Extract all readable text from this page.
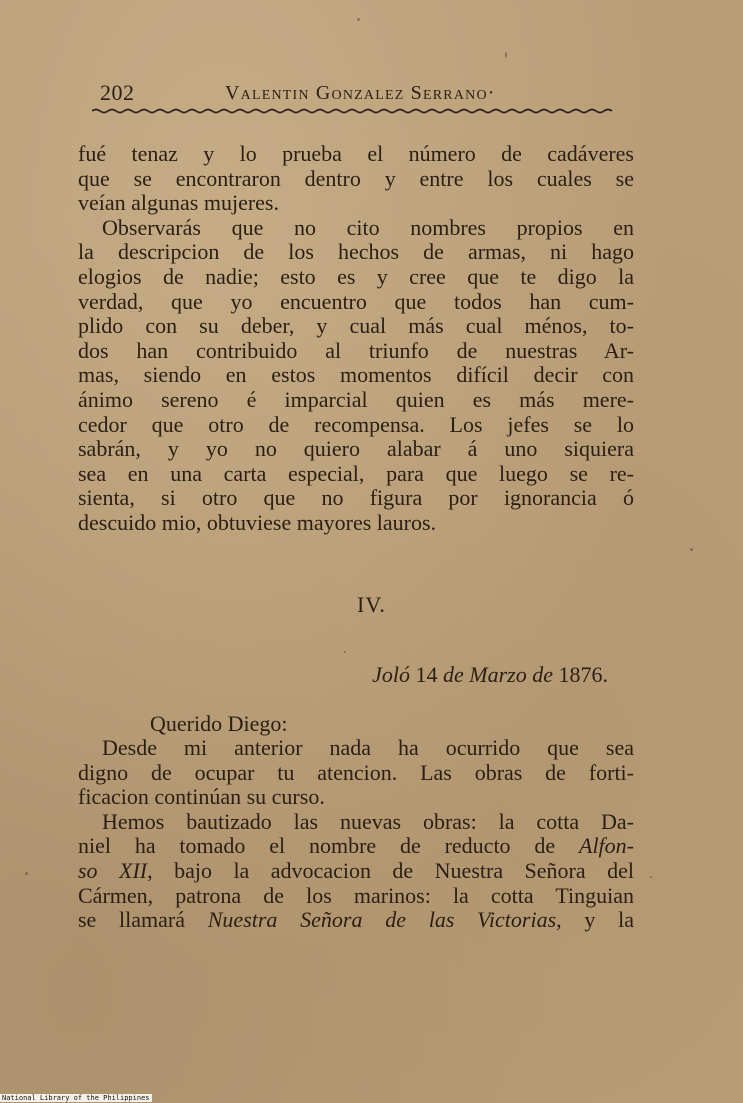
202	Valentin Gonzalez Serrano·
fué tenaz y lo prueba el número de cadáveres
que se encontraron dentro y entre los cuales se
veían algunas mujeres.
Observarás que no cito nombres propios en
la descripcion de los hechos de armas, ni hago
elogios de nadie; esto es y cree que te digo la
verdad, que yo encuentro que todos han cum-
plido con su deber, y cual más cual ménos, to-
dos han contribuido al triunfo de nuestras Ar-
mas, siendo en estos momentos difícil decir con
ánimo sereno é imparcial quien es más mere-
cedor que otro de recompensa. Los jefes se lo
sabrán, y yo no quiero alabar á uno siquiera
sea en una carta especial, para que luego se re-
sienta, si otro que no figura por ignorancia ó
descuido mio, obtuviese mayores lauros.
IV.
Joló 14 de Marzo de 1876.
Querido Diego:
Desde mi anterior nada ha ocurrido que sea
digno de ocupar tu atencion. Las obras de forti-
ficacion continúan su curso.
Hemos bautizado las nuevas obras: la cotta Da-
niel ha tomado el nombre de reducto de Alfon-
so XII, bajo la advocacion de Nuestra Señora del
Cármen, patrona de los marinos: la cotta Tinguian
se llamará Nuestra Señora de las Victorias, y la
National Library of the Philippines
